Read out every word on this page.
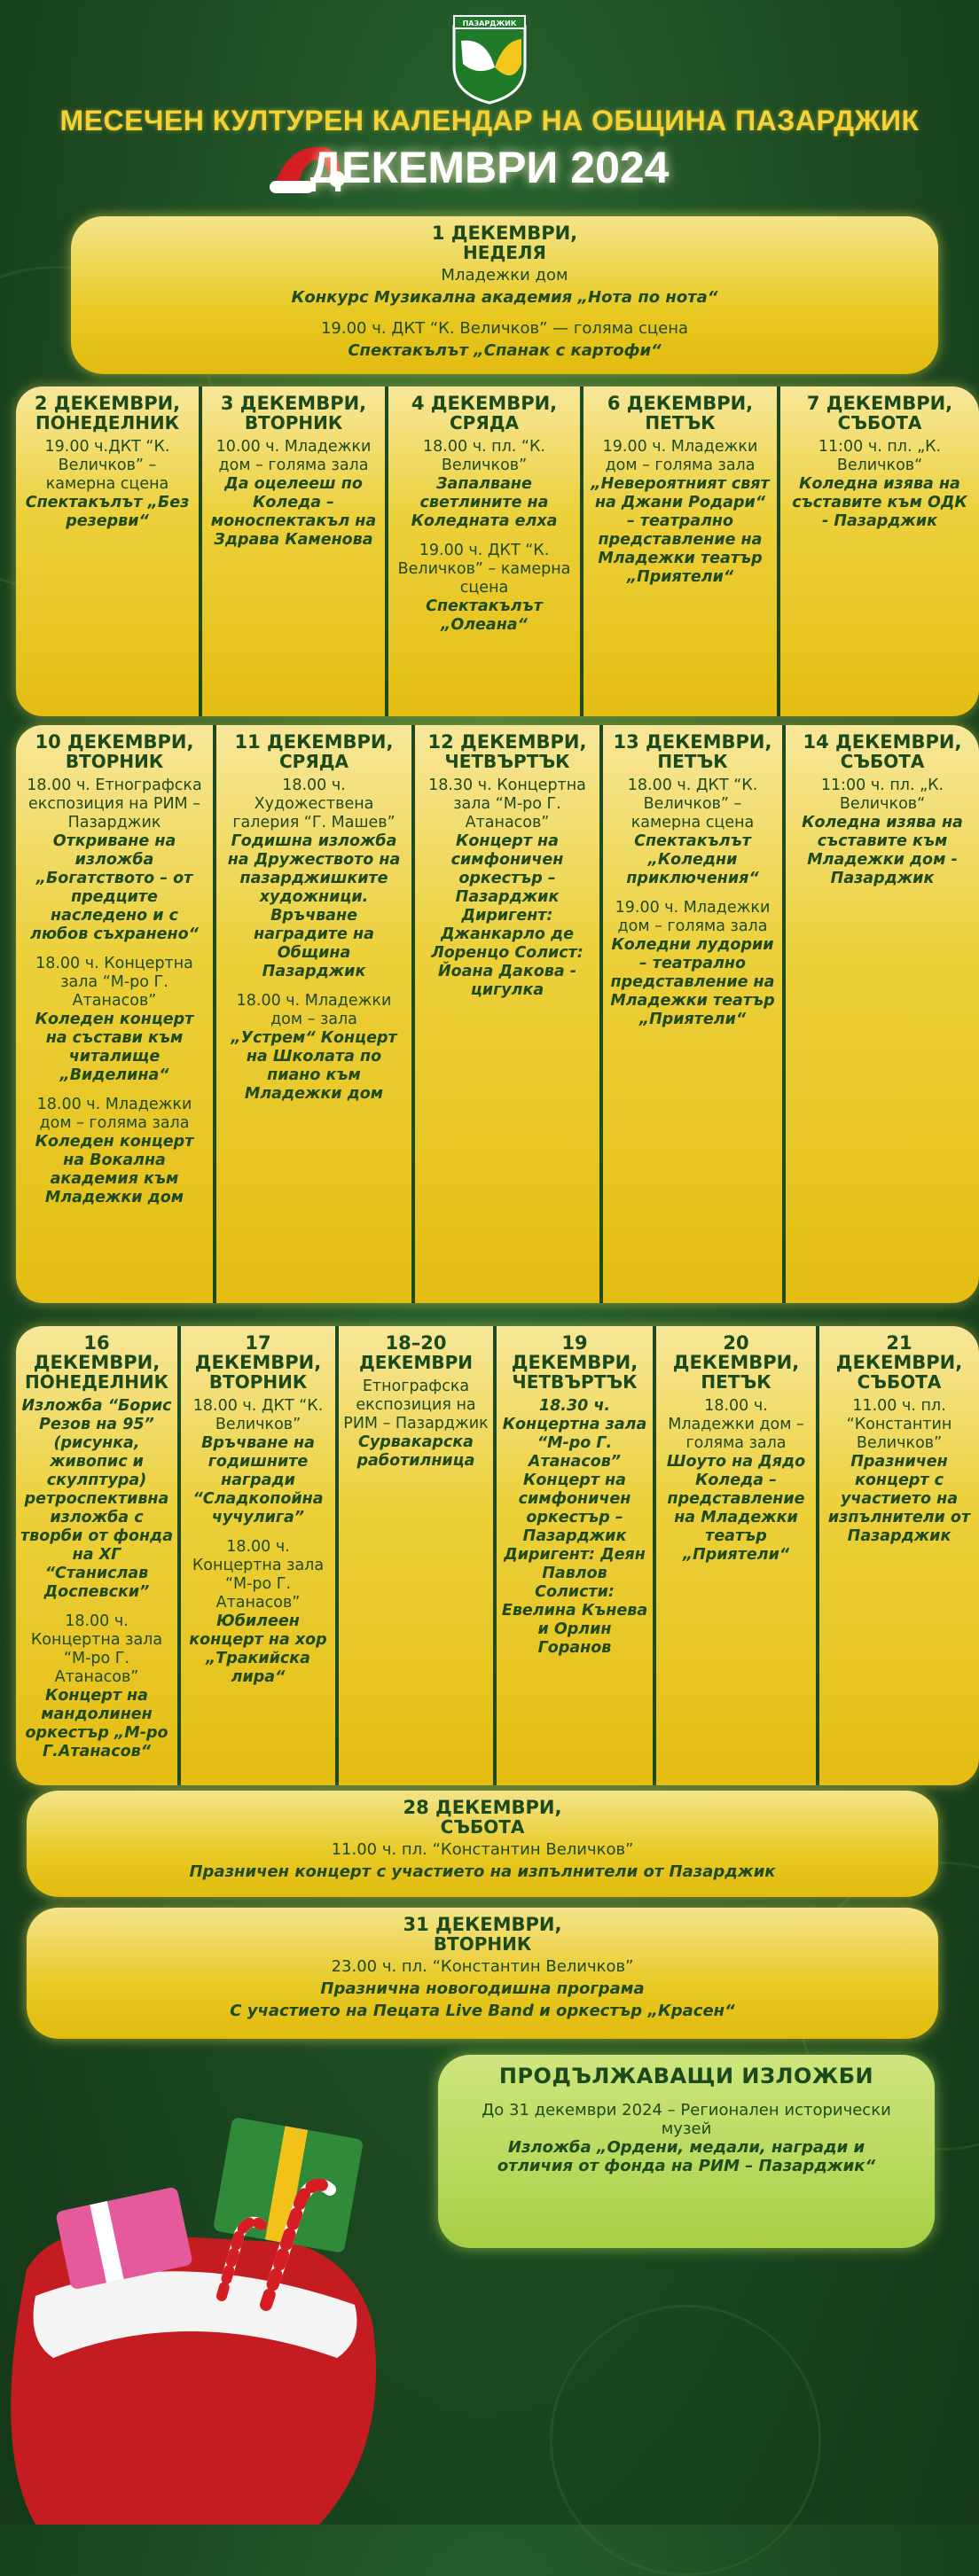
ПАЗАРДЖИК
МЕСЕЧЕН КУЛТУРЕН КАЛЕНДАР НА ОБЩИНА ПАЗАРДЖИК
ДЕКЕМВРИ 2024
1 ДЕКЕМВРИ,
НЕДЕЛЯ
Младежки дом
Конкурс Музикална академия „Нота по нота“
19.00 ч. ДКТ “К. Величков” — голяма сцена
Спектакълът „Спанак с картофи“
2 ДЕКЕМВРИ,
ПОНЕДЕЛНИК
19.00 ч.ДКТ “К. Величков” – камерна сцена
Спектакълът „Без резерви“
3 ДЕКЕМВРИ,
ВТОРНИК
10.00 ч. Младежки дом – голяма зала
Да оцелееш по Коледа – моноспектакъл на Здрава Каменова
4 ДЕКЕМВРИ,
СРЯДА
18.00 ч. пл. “К. Величков”
Запалване светлините на Коледната елха
19.00 ч. ДКТ “К. Величков” – камерна сцена
Спектакълът „Олеана“
6 ДЕКЕМВРИ,
ПЕТЪК
19.00 ч. Младежки дом – голяма зала
„Невероятният свят на Джани Родари“ – театрално представление на Младежки театър „Приятели“
7 ДЕКЕМВРИ,
СЪБОТА
11:00 ч. пл. „К. Величков“
Коледна изява на съставите към ОДК - Пазарджик
10 ДЕКЕМВРИ,
ВТОРНИК
18.00 ч. Етнографска експозиция на РИМ – Пазарджик
Откриване на изложба „Богатството – от предците наследено и с любов съхранено“
18.00 ч. Концертна зала “М-ро Г. Атанасов”
Коледен концерт на състави към читалище „Виделина“
18.00 ч. Младежки дом – голяма зала
Коледен концерт на Вокална академия към Младежки дом
11 ДЕКЕМВРИ,
СРЯДА
18.00 ч. Художествена галерия “Г. Машев”
Годишна изложба на Дружеството на пазарджишките художници. Връчване наградите на Община Пазарджик
18.00 ч. Младежки дом – зала
„Устрем“ Концерт на Школата по пиано към Младежки дом
12 ДЕКЕМВРИ,
ЧЕТВЪРТЪК
18.30 ч. Концертна зала “М-ро Г. Атанасов”
Концерт на симфоничен оркестър – Пазарджик Диригент: Джанкарло де Лоренцо Солист: Йоана Дакова - цигулка
13 ДЕКЕМВРИ,
ПЕТЪК
18.00 ч. ДКТ “К. Величков” – камерна сцена
Спектакълът „Коледни приключения“
19.00 ч. Младежки дом – голяма зала
Коледни лудории – театрално представление на Младежки театър „Приятели“
14 ДЕКЕМВРИ,
СЪБОТА
11:00 ч. пл. „К. Величков“
Коледна изява на съставите към Младежки дом - Пазарджик
16 ДЕКЕМВРИ,
ПОНЕДЕЛНИК
Изложба “Борис Резов на 95” (рисунка, живопис и скулптура) ретроспективна изложба с творби от фонда на ХГ “Станислав Доспевски”
18.00 ч. Концертна зала “М-ро Г. Атанасов”
Концерт на мандолинен оркестър „М-ро Г.Атанасов“
17 ДЕКЕМВРИ,
ВТОРНИК
18.00 ч. ДКТ “К. Величков”
Връчване на годишните награди “Сладкопойна чучулига”
18.00 ч. Концертна зала “М-ро Г. Атанасов”
Юбилеен концерт на хор „Тракийска лира“
18–20
ДЕКЕМВРИ
Етнографска експозиция на РИМ – Пазарджик
Сурвакарска работилница
19 ДЕКЕМВРИ,
ЧЕТВЪРТЪК
18.30 ч. Концертна зала “М-ро Г. Атанасов” Концерт на симфоничен оркестър – Пазарджик Диригент: Деян Павлов Солисти: Евелина Кънева и Орлин Горанов
20 ДЕКЕМВРИ,
ПЕТЪК
18.00 ч. Младежки дом – голяма зала
Шоуто на Дядо Коледа – представление на Младежки театър „Приятели“
21 ДЕКЕМВРИ,
СЪБОТА
11.00 ч. пл. “Константин Величков”
Празничен концерт с участието на изпълнители от Пазарджик
28 ДЕКЕМВРИ,
СЪБОТА
11.00 ч. пл. “Константин Величков”
Празничен концерт с участието на изпълнители от Пазарджик
31 ДЕКЕМВРИ,
ВТОРНИК
23.00 ч. пл. “Константин Величков”
Празнична новогодишна програма
С участието на Пецата Live Band и оркестър „Красен“
ПРОДЪЛЖАВАЩИ ИЗЛОЖБИ
До 31 декември 2024 – Регионален исторически музей
Изложба „Ордени, медали, награди и отличия от фонда на РИМ – Пазарджик“
